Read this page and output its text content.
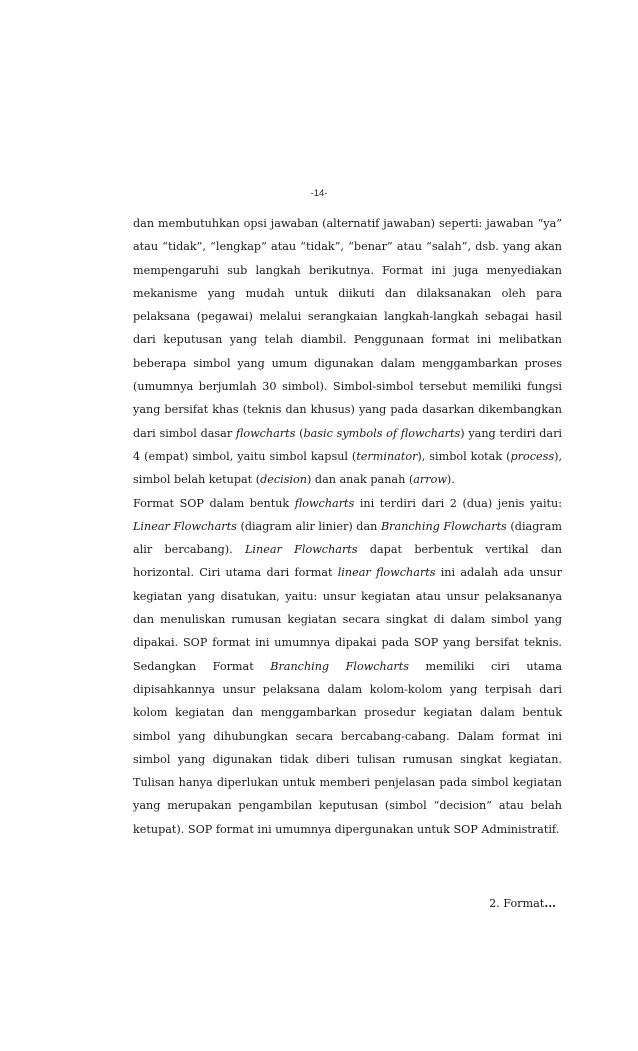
-14-

dan membutuhkan opsi jawaban (alternatif jawaban) seperti: jawaban “ya” atau “tidak”, “lengkap” atau “tidak”, “benar” atau “salah”, dsb. yang akan mempengaruhi sub langkah berikutnya. Format ini juga menyediakan mekanisme yang mudah untuk diikuti dan dilaksanakan oleh para pelaksana (pegawai) melalui serangkaian langkah-langkah sebagai hasil dari keputusan yang telah diambil. Penggunaan format ini melibatkan beberapa simbol yang umum digunakan dalam menggambarkan proses (umumnya berjumlah 30 simbol). Simbol-simbol tersebut memiliki fungsi yang bersifat khas (teknis dan khusus) yang pada dasarkan dikembangkan dari simbol dasar flowcharts (basic symbols of flowcharts) yang terdiri dari 4 (empat) simbol, yaitu simbol kapsul (terminator), simbol kotak (process), simbol belah ketupat (decision) dan anak panah (arrow).

Format SOP dalam bentuk flowcharts ini terdiri dari 2 (dua) jenis yaitu: Linear Flowcharts (diagram alir linier) dan Branching Flowcharts (diagram alir bercabang). Linear Flowcharts dapat berbentuk vertikal dan horizontal. Ciri utama dari format linear flowcharts ini adalah ada unsur kegiatan yang disatukan, yaitu: unsur kegiatan atau unsur pelaksananya dan menuliskan rumusan kegiatan secara singkat di dalam simbol yang dipakai. SOP format ini umumnya dipakai pada SOP yang bersifat teknis. Sedangkan Format Branching Flowcharts memiliki ciri utama dipisahkannya unsur pelaksana dalam kolom-kolom yang terpisah dari kolom kegiatan dan menggambarkan prosedur kegiatan dalam bentuk simbol yang dihubungkan secara bercabang-cabang. Dalam format ini simbol yang digunakan tidak diberi tulisan rumusan singkat kegiatan. Tulisan hanya diperlukan untuk memberi penjelasan pada simbol kegiatan yang merupakan pengambilan keputusan (simbol “decision” atau belah ketupat). SOP format ini umumnya dipergunakan untuk SOP Administratif.

2. Format...
